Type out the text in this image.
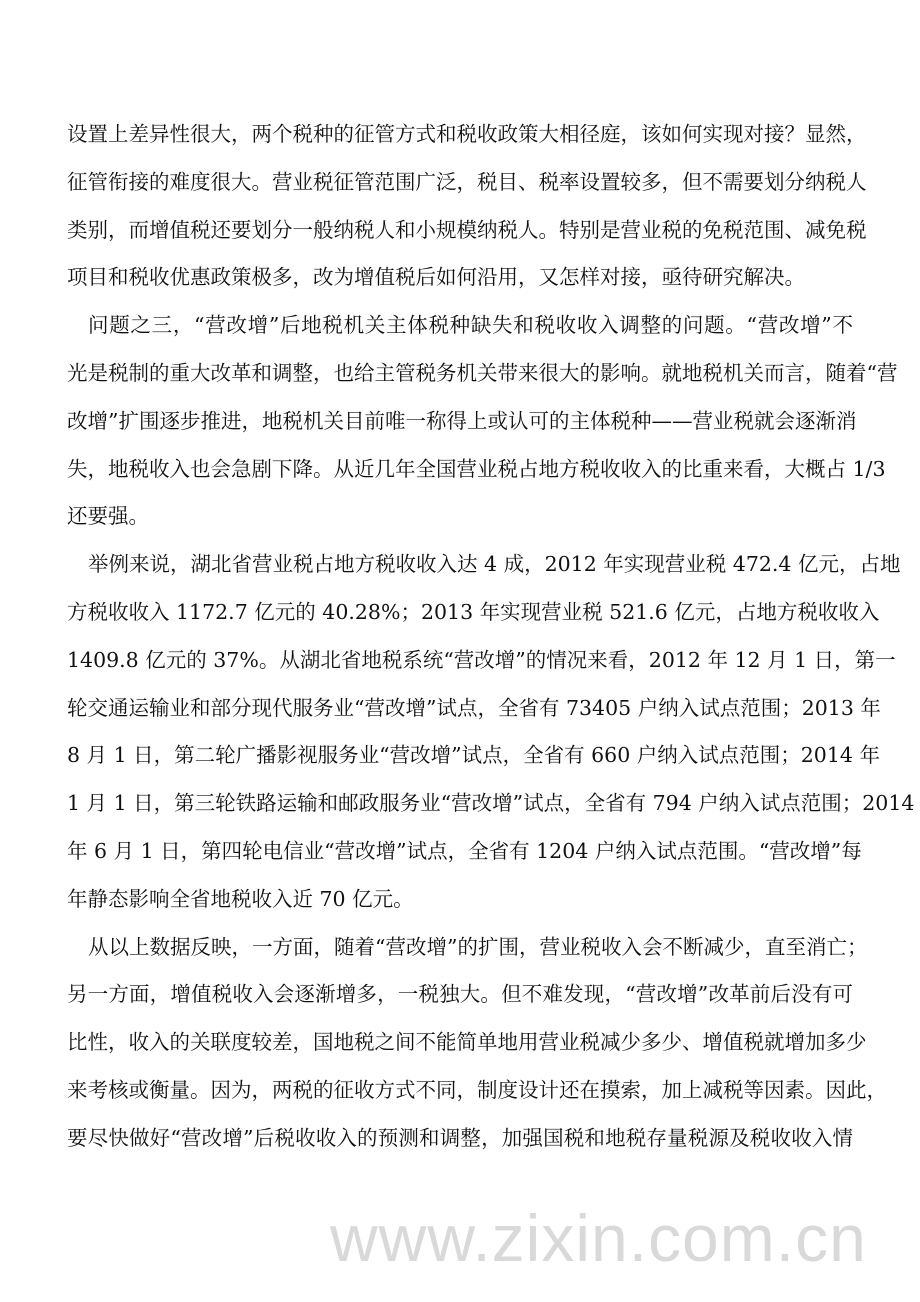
www.zixin.com.cn
设置上差异性很大，两个税种的征管方式和税收政策大相径庭，该如何实现对接？显然，
征管衔接的难度很大。营业税征管范围广泛，税目、税率设置较多，但不需要划分纳税人
类别，而增值税还要划分一般纳税人和小规模纳税人。特别是营业税的免税范围、减免税
项目和税收优惠政策极多，改为增值税后如何沿用，又怎样对接，亟待研究解决。
问题之三，“营改增”后地税机关主体税种缺失和税收收入调整的问题。“营改增”不
光是税制的重大改革和调整，也给主管税务机关带来很大的影响。就地税机关而言，随着“营
改增”扩围逐步推进，地税机关目前唯一称得上或认可的主体税种——营业税就会逐渐消
失，地税收入也会急剧下降。从近几年全国营业税占地方税收收入的比重来看，大概占 1/3
还要强。
举例来说，湖北省营业税占地方税收收入达 4 成，2012 年实现营业税 472.4 亿元，占地
方税收收入 1172.7 亿元的 40.28%；2013 年实现营业税 521.6 亿元，占地方税收收入
1409.8 亿元的 37%。从湖北省地税系统“营改增”的情况来看，2012 年 12 月 1 日，第一
轮交通运输业和部分现代服务业“营改增”试点，全省有 73405 户纳入试点范围；2013 年
8 月 1 日，第二轮广播影视服务业“营改增”试点，全省有 660 户纳入试点范围；2014 年
1 月 1 日，第三轮铁路运输和邮政服务业“营改增”试点，全省有 794 户纳入试点范围；2014
年 6 月 1 日，第四轮电信业“营改增”试点，全省有 1204 户纳入试点范围。“营改增”每
年静态影响全省地税收入近 70 亿元。
从以上数据反映，一方面，随着“营改增”的扩围，营业税收入会不断减少，直至消亡；
另一方面，增值税收入会逐渐增多，一税独大。但不难发现，“营改增”改革前后没有可
比性，收入的关联度较差，国地税之间不能简单地用营业税减少多少、增值税就增加多少
来考核或衡量。因为，两税的征收方式不同，制度设计还在摸索，加上减税等因素。因此，
要尽快做好“营改增”后税收收入的预测和调整，加强国税和地税存量税源及税收收入情
